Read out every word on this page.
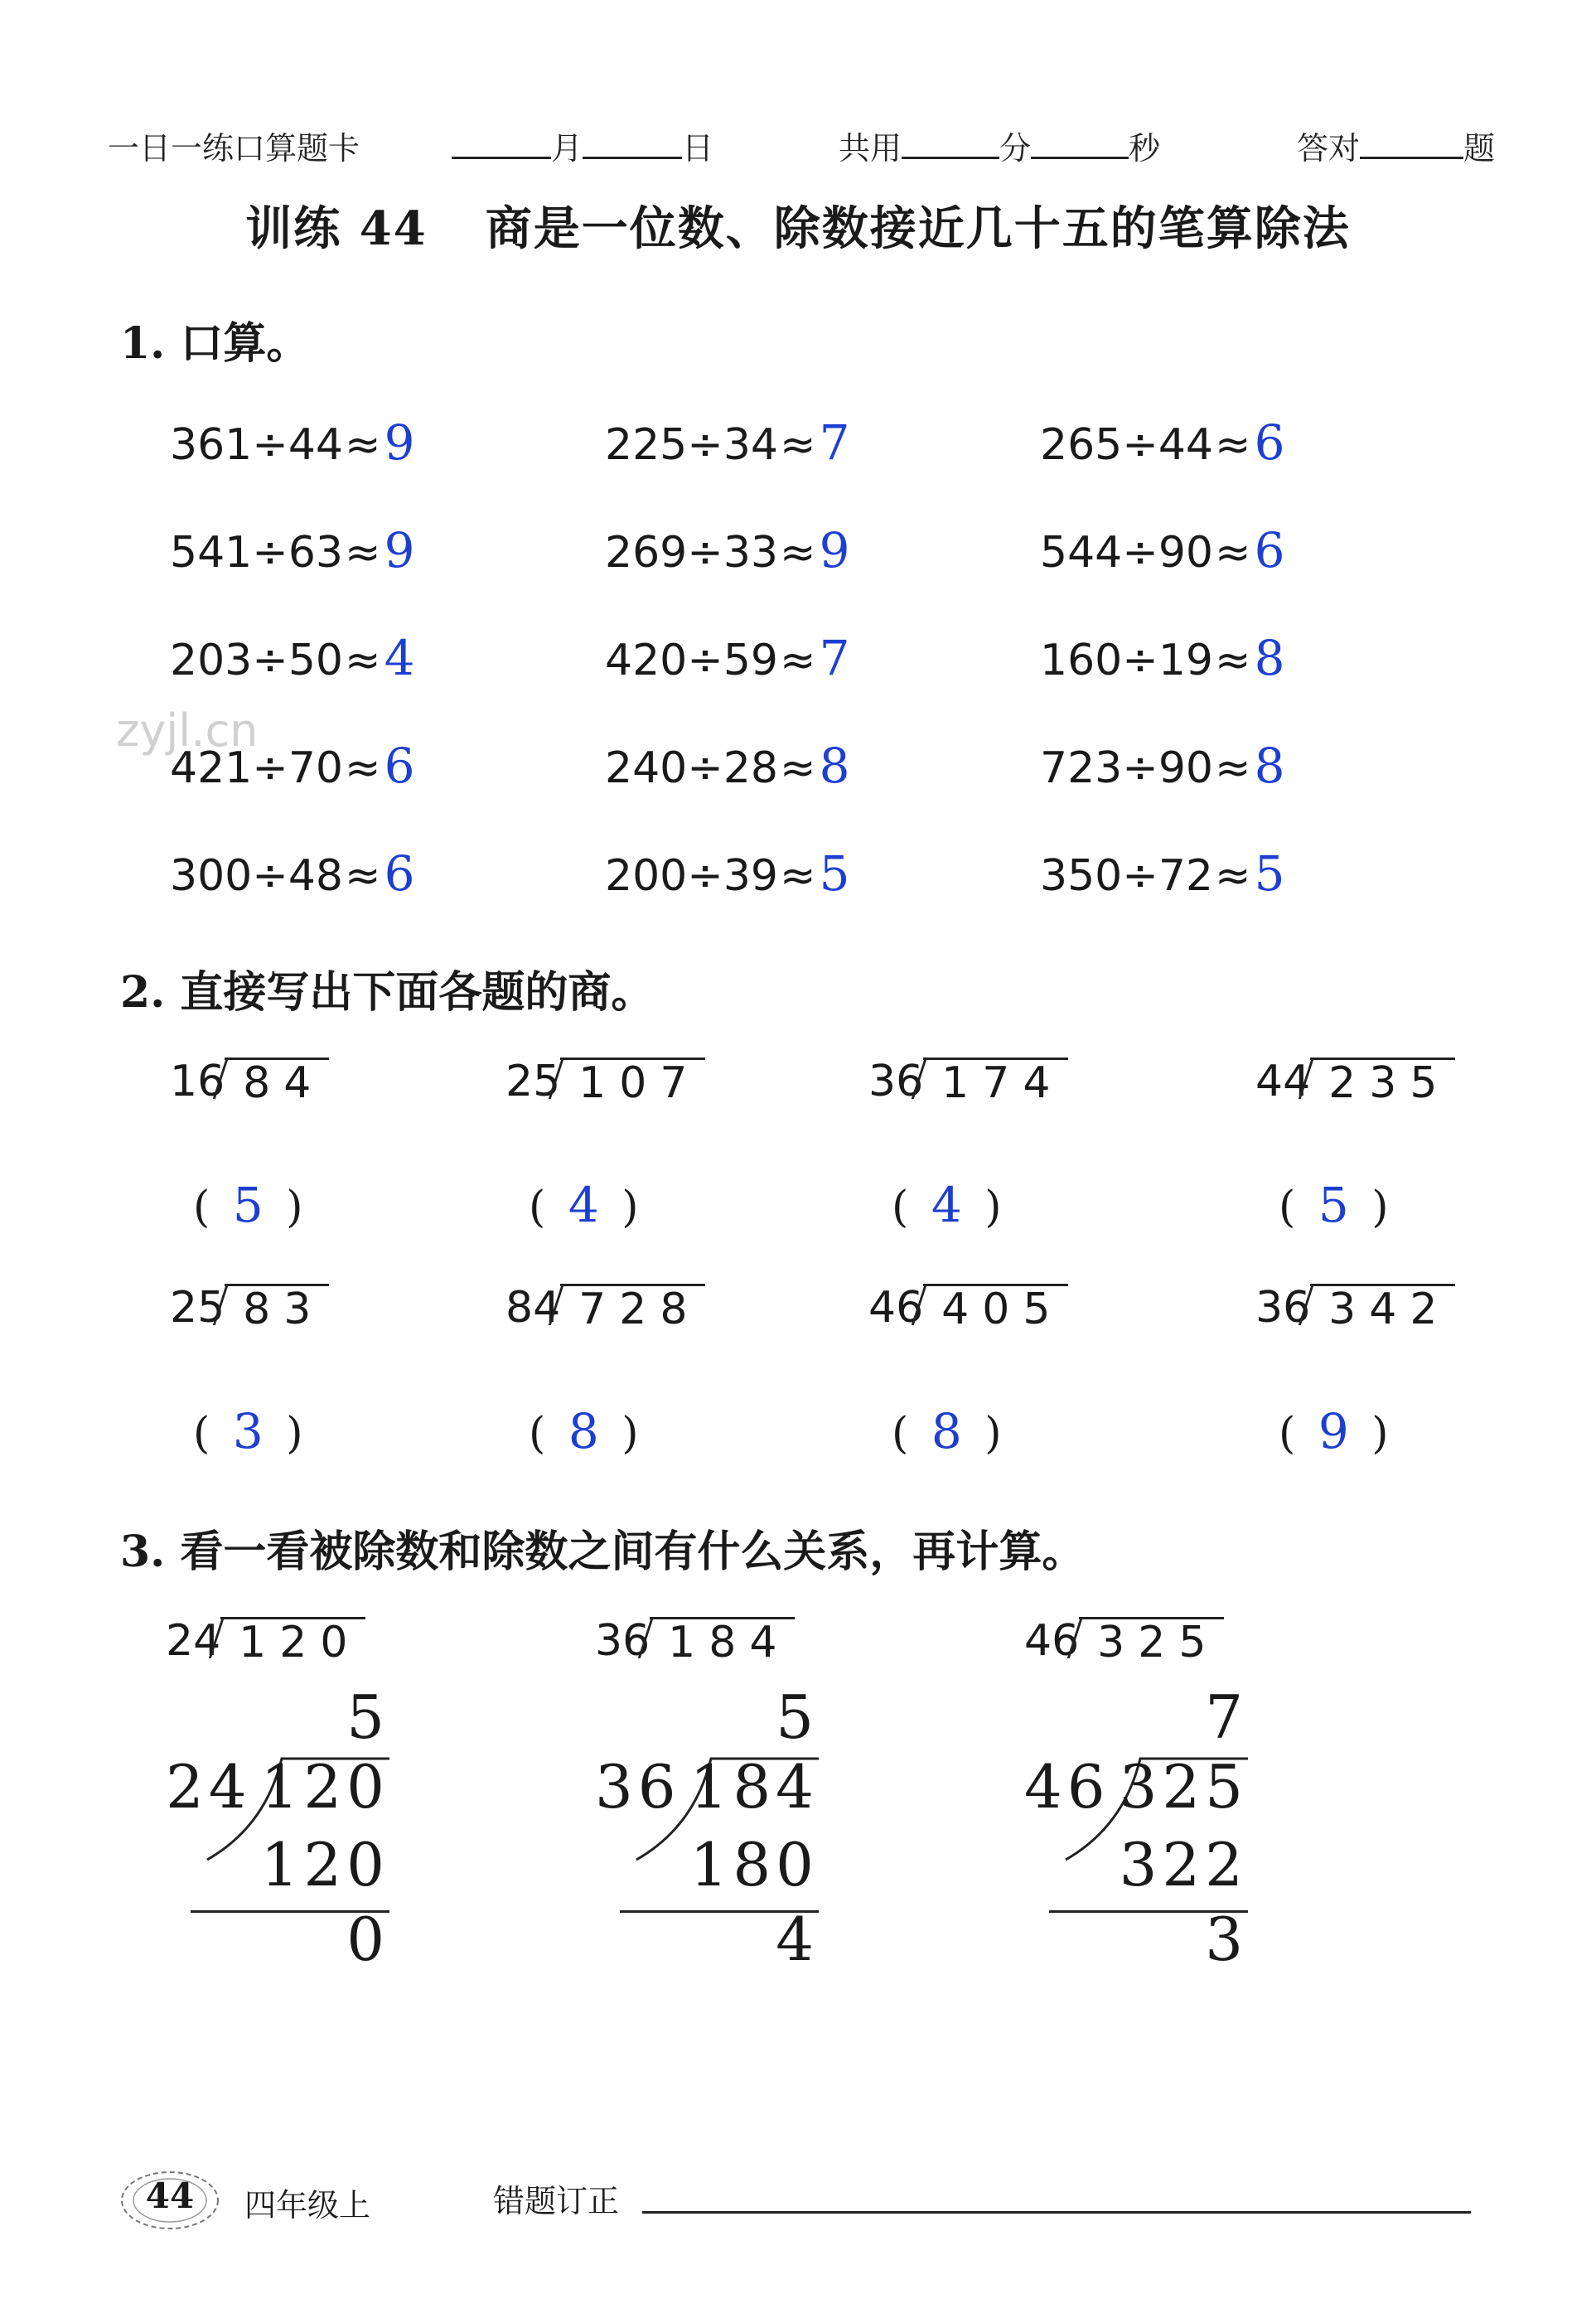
一日一练口算题卡	月	日	共用	分	秒	答对	题
训练 44 商是一位数、除数接近几十五的笔算除法
1. 口算。
361÷44≈9	225÷34≈7	265÷44≈6
541÷63≈9	269÷33≈9	544÷90≈6
203÷50≈4	420÷59≈7	160÷19≈8
421÷70≈6	240÷28≈8	723÷90≈8
300÷48≈6	200÷39≈5	350÷72≈5
zyjl.cn
2. 直接写出下面各题的商。
16 84
( 5 )
25 107
( 4 )
36 174
( 4 )
44 235
( 5 )
25 83
( 3 )
84 728
( 8 )
46 405
( 8 )
36 342
( 9 )
3. 看一看被除数和除数之间有什么关系，再计算。
24 120
5
24 120
120
0
36 184
5
36 184
180
4
46 325
7
46 325
322
3
44	四年级上	错题订正
